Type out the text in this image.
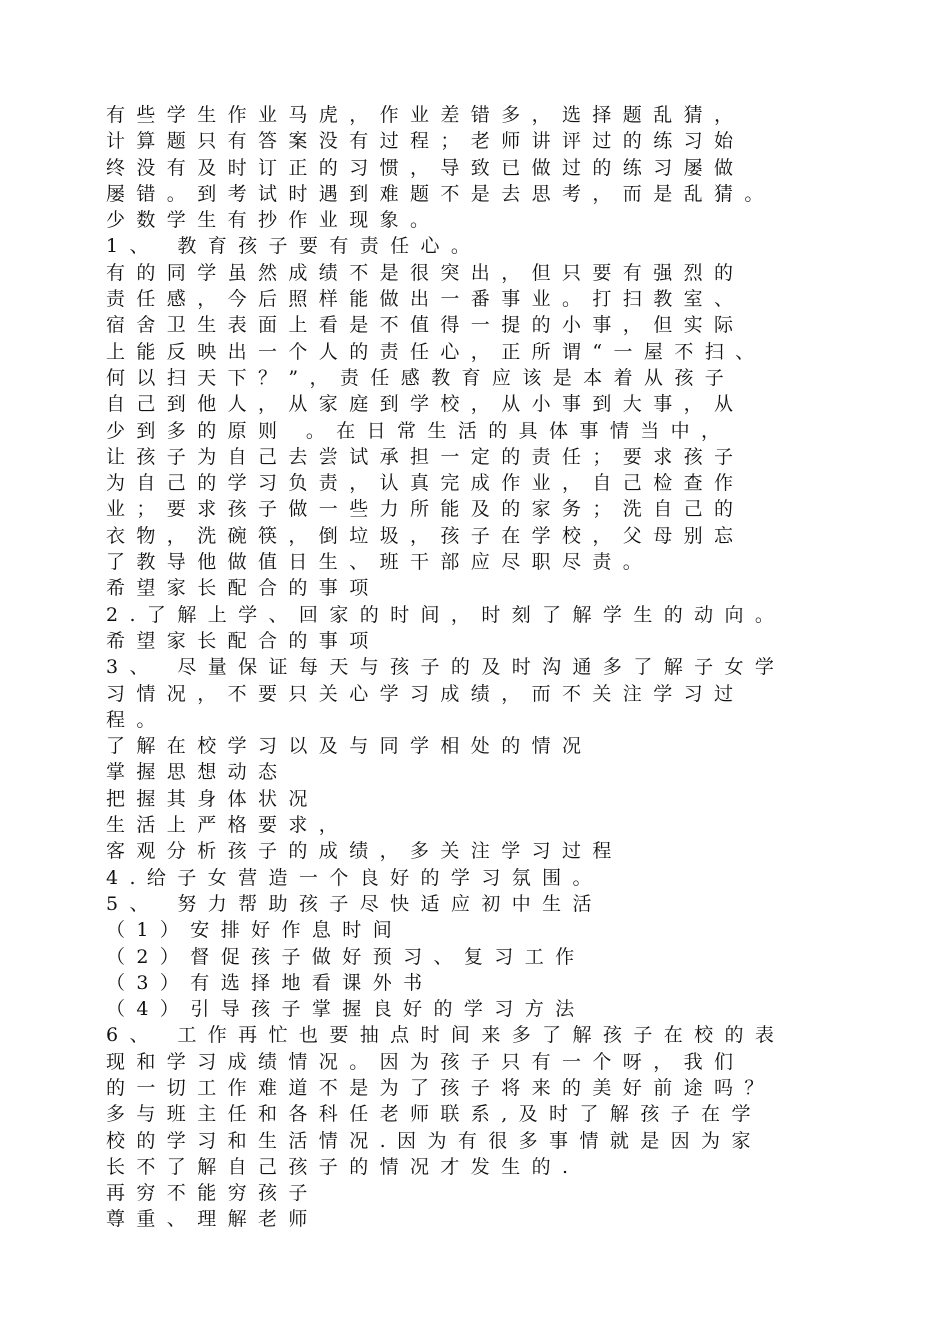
有些学生作业马虎，作业差错多，选择题乱猜，
计算题只有答案没有过程；老师讲评过的练习始
终没有及时订正的习惯，导致已做过的练习屡做
屡错。到考试时遇到难题不是去思考，而是乱猜。
少数学生有抄作业现象。
1、 教育孩子要有责任心。
有的同学虽然成绩不是很突出，但只要有强烈的
责任感，今后照样能做出一番事业。打扫教室、
宿舍卫生表面上看是不值得一提的小事，但实际
上能反映出一个人的责任心，正所谓“一屋不扫、
何以扫天下？”，责任感教育应该是本着从孩子
自己到他人，从家庭到学校，从小事到大事，从
少到多的原则 。在日常生活的具体事情当中，
让孩子为自己去尝试承担一定的责任；要求孩子
为自己的学习负责，认真完成作业，自己检查作
业；要求孩子做一些力所能及的家务；洗自己的
衣物，洗碗筷，倒垃圾，孩子在学校，父母别忘
了教导他做值日生、班干部应尽职尽责。
希望家长配合的事项
2.了解上学、回家的时间，时刻了解学生的动向。
希望家长配合的事项
3、 尽量保证每天与孩子的及时沟通多了解子女学
习情况，不要只关心学习成绩，而不关注学习过
程。
了解在校学习以及与同学相处的情况
掌握思想动态
把握其身体状况
生活上严格要求，
客观分析孩子的成绩，多关注学习过程
4.给子女营造一个良好的学习氛围。
5、 努力帮助孩子尽快适应初中生活
（1）安排好作息时间
（2）督促孩子做好预习、复习工作
（3）有选择地看课外书
（4）引导孩子掌握良好的学习方法
6、 工作再忙也要抽点时间来多了解孩子在校的表
现和学习成绩情况。因为孩子只有一个呀，我们
的一切工作难道不是为了孩子将来的美好前途吗？
多与班主任和各科任老师联系,及时了解孩子在学
校的学习和生活情况.因为有很多事情就是因为家
长不了解自己孩子的情况才发生的.
再穷不能穷孩子
尊重、理解老师
